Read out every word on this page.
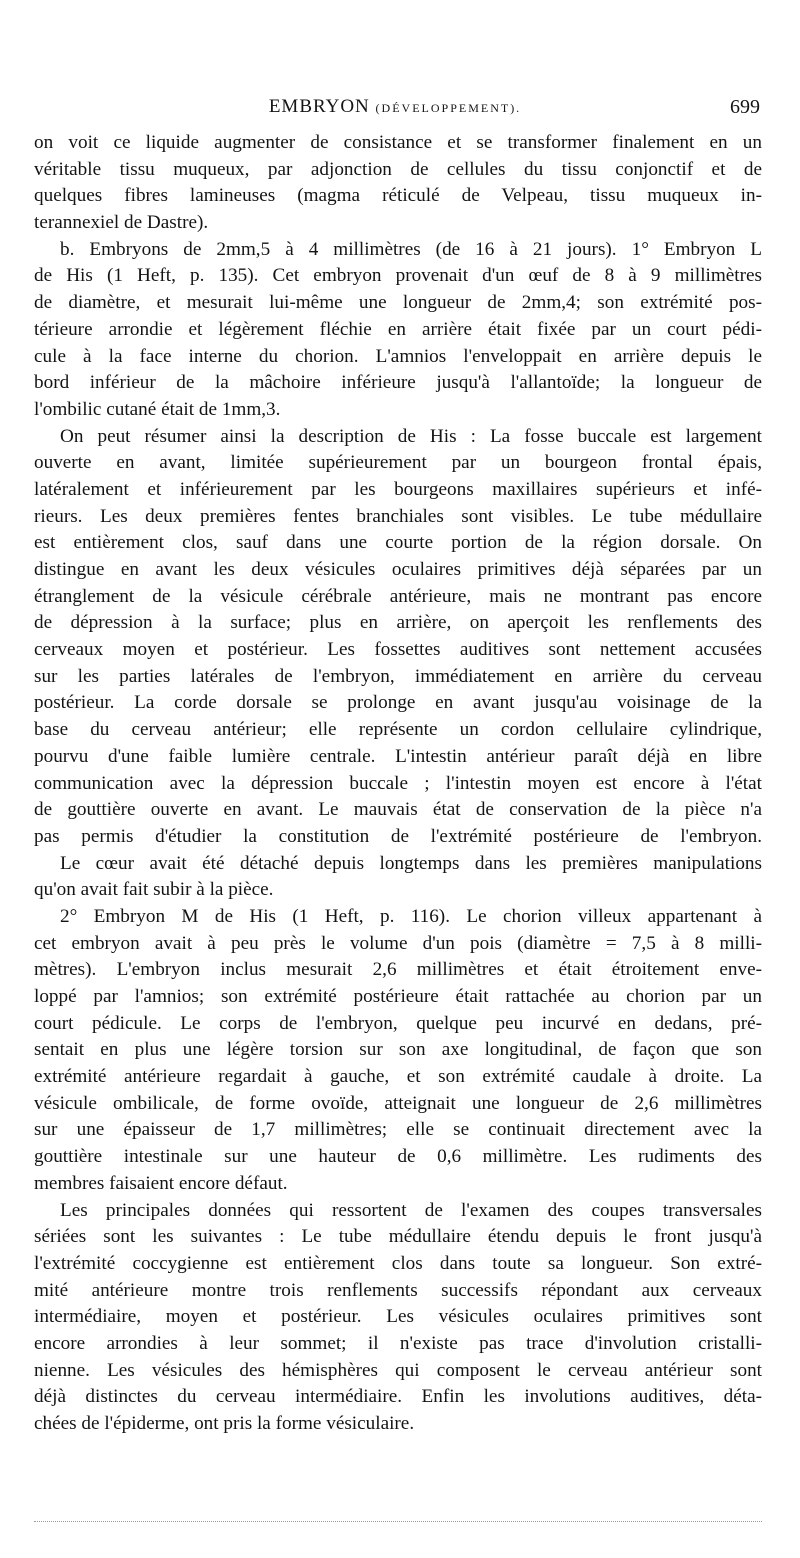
EMBRYON (DÉVELOPPEMENT).	699
on voit ce liquide augmenter de consistance et se transformer finalement en un
véritable tissu muqueux, par adjonction de cellules du tissu conjonctif et de
quelques fibres lamineuses (magma réticulé de Velpeau, tissu muqueux in-
terannexiel de Dastre).
b. Embryons de 2mm,5 à 4 millimètres (de 16 à 21 jours). 1° Embryon L
de His (1 Heft, p. 135). Cet embryon provenait d'un œuf de 8 à 9 millimètres
de diamètre, et mesurait lui-même une longueur de 2mm,4; son extrémité pos-
térieure arrondie et légèrement fléchie en arrière était fixée par un court pédi-
cule à la face interne du chorion. L'amnios l'enveloppait en arrière depuis le
bord inférieur de la mâchoire inférieure jusqu'à l'allantoïde; la longueur de
l'ombilic cutané était de 1mm,3.
On peut résumer ainsi la description de His : La fosse buccale est largement
ouverte en avant, limitée supérieurement par un bourgeon frontal épais,
latéralement et inférieurement par les bourgeons maxillaires supérieurs et infé-
rieurs. Les deux premières fentes branchiales sont visibles. Le tube médullaire
est entièrement clos, sauf dans une courte portion de la région dorsale. On
distingue en avant les deux vésicules oculaires primitives déjà séparées par un
étranglement de la vésicule cérébrale antérieure, mais ne montrant pas encore
de dépression à la surface; plus en arrière, on aperçoit les renflements des
cerveaux moyen et postérieur. Les fossettes auditives sont nettement accusées
sur les parties latérales de l'embryon, immédiatement en arrière du cerveau
postérieur. La corde dorsale se prolonge en avant jusqu'au voisinage de la
base du cerveau antérieur; elle représente un cordon cellulaire cylindrique,
pourvu d'une faible lumière centrale. L'intestin antérieur paraît déjà en libre
communication avec la dépression buccale ; l'intestin moyen est encore à l'état
de gouttière ouverte en avant. Le mauvais état de conservation de la pièce n'a
pas permis d'étudier la constitution de l'extrémité postérieure de l'embryon.
Le cœur avait été détaché depuis longtemps dans les premières manipulations
qu'on avait fait subir à la pièce.
2° Embryon M de His (1 Heft, p. 116). Le chorion villeux appartenant à
cet embryon avait à peu près le volume d'un pois (diamètre = 7,5 à 8 milli-
mètres). L'embryon inclus mesurait 2,6 millimètres et était étroitement enve-
loppé par l'amnios; son extrémité postérieure était rattachée au chorion par un
court pédicule. Le corps de l'embryon, quelque peu incurvé en dedans, pré-
sentait en plus une légère torsion sur son axe longitudinal, de façon que son
extrémité antérieure regardait à gauche, et son extrémité caudale à droite. La
vésicule ombilicale, de forme ovoïde, atteignait une longueur de 2,6 millimètres
sur une épaisseur de 1,7 millimètres; elle se continuait directement avec la
gouttière intestinale sur une hauteur de 0,6 millimètre. Les rudiments des
membres faisaient encore défaut.
Les principales données qui ressortent de l'examen des coupes transversales
sériées sont les suivantes : Le tube médullaire étendu depuis le front jusqu'à
l'extrémité coccygienne est entièrement clos dans toute sa longueur. Son extré-
mité antérieure montre trois renflements successifs répondant aux cerveaux
intermédiaire, moyen et postérieur. Les vésicules oculaires primitives sont
encore arrondies à leur sommet; il n'existe pas trace d'involution cristalli-
nienne. Les vésicules des hémisphères qui composent le cerveau antérieur sont
déjà distinctes du cerveau intermédiaire. Enfin les involutions auditives, déta-
chées de l'épiderme, ont pris la forme vésiculaire.
